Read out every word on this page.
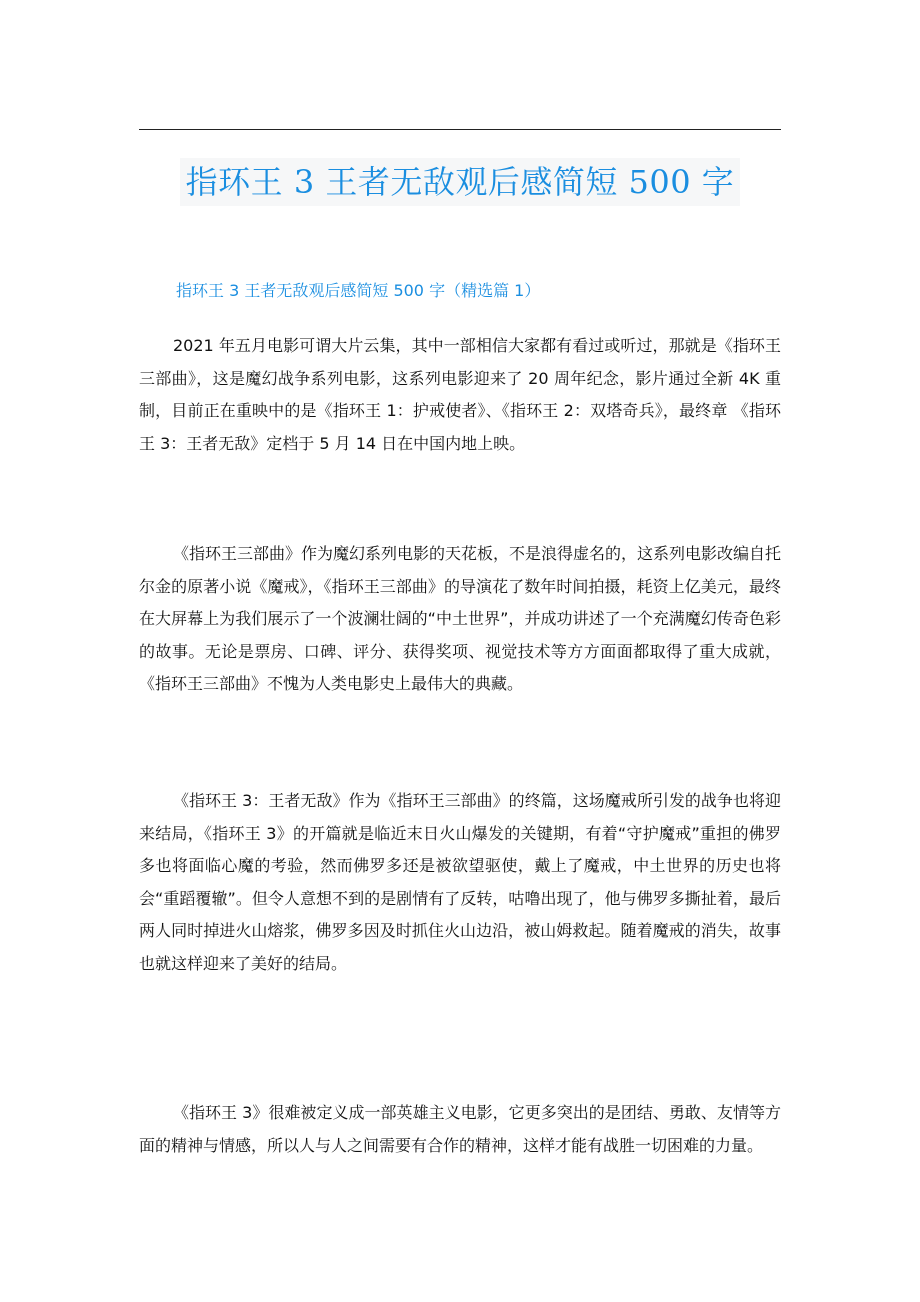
指环王 3 王者无敌观后感简短 500 字
指环王 3 王者无敌观后感简短 500 字（精选篇 1）

2021 年五月电影可谓大片云集，其中一部相信大家都有看过或听过，那就是《指环王三部曲》，这是魔幻战争系列电影，这系列电影迎来了 20 周年纪念，影片通过全新 4K 重制，目前正在重映中的是《指环王 1：护戒使者》、《指环王 2：双塔奇兵》，最终章 《指环王 3：王者无敌》定档于 5 月 14 日在中国内地上映。

《指环王三部曲》作为魔幻系列电影的天花板，不是浪得虚名的，这系列电影改编自托尔金的原著小说《魔戒》，《指环王三部曲》的导演花了数年时间拍摄，耗资上亿美元，最终在大屏幕上为我们展示了一个波澜壮阔的“中土世界”，并成功讲述了一个充满魔幻传奇色彩的故事。无论是票房、口碑、评分、获得奖项、视觉技术等方方面面都取得了重大成就，《指环王三部曲》不愧为人类电影史上最伟大的典藏。

《指环王 3：王者无敌》作为《指环王三部曲》的终篇，这场魔戒所引发的战争也将迎来结局，《指环王 3》的开篇就是临近末日火山爆发的关键期，有着“守护魔戒”重担的佛罗多也将面临心魔的考验，然而佛罗多还是被欲望驱使，戴上了魔戒，中土世界的历史也将会“重蹈覆辙”。但令人意想不到的是剧情有了反转，咕噜出现了，他与佛罗多撕扯着，最后两人同时掉进火山熔浆，佛罗多因及时抓住火山边沿，被山姆救起。随着魔戒的消失，故事也就这样迎来了美好的结局。

《指环王 3》很难被定义成一部英雄主义电影，它更多突出的是团结、勇敢、友情等方面的精神与情感，所以人与人之间需要有合作的精神，这样才能有战胜一切困难的力量。
